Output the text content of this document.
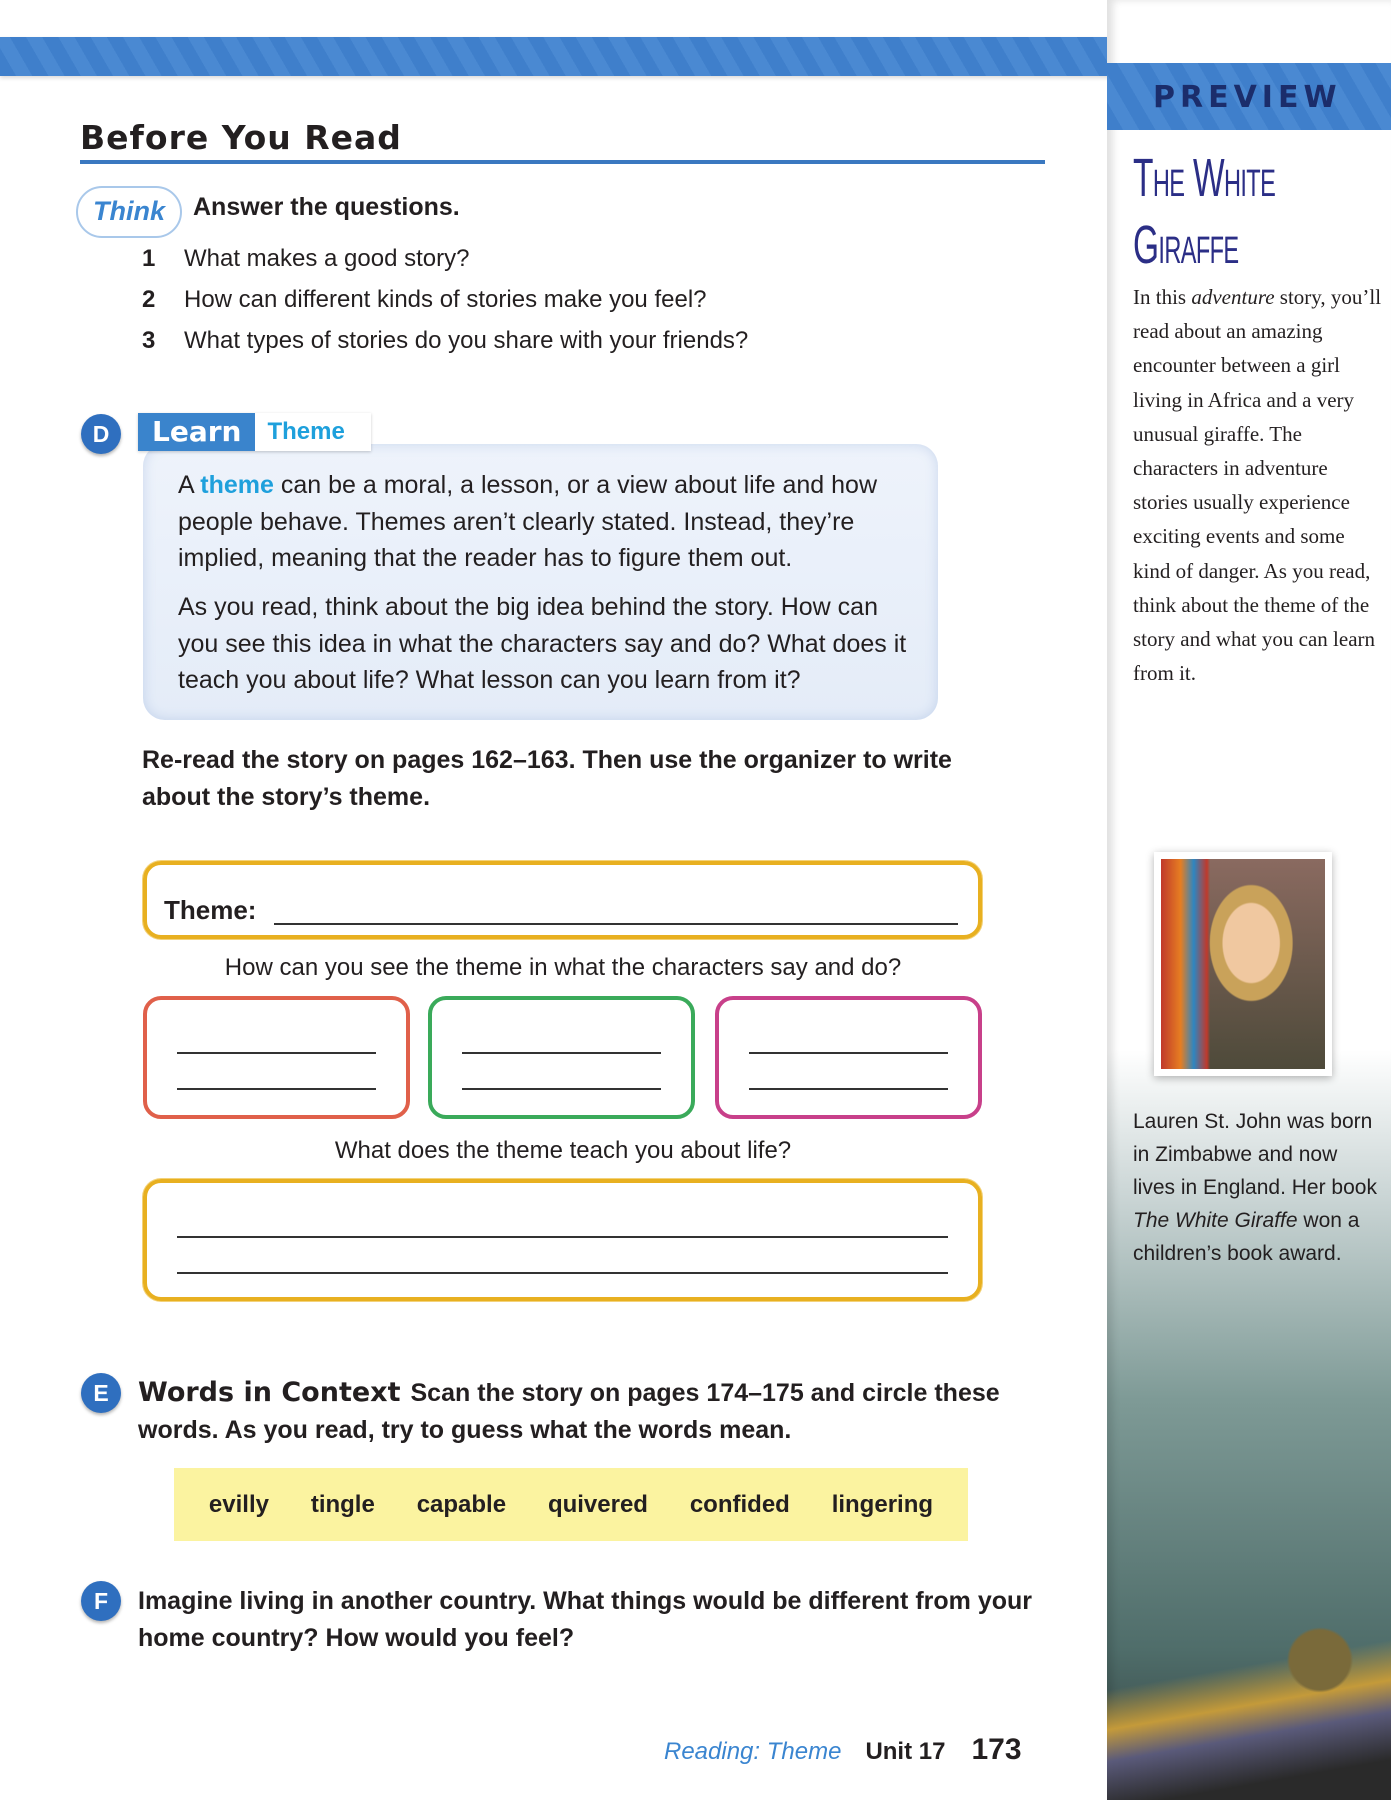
PREVIEW
The White
Giraffe
In this adventure story, you’ll read about an amazing encounter between a girl living in Africa and a very unusual giraffe. The characters in adventure stories usually experience exciting events and some kind of danger. As you read, think about the theme of the story and what you can learn from it.
Lauren St. John was born in Zimbabwe and now lives in England. Her book The White Giraffe won a children’s book award.
Before You Read
Think	Answer the questions.
1 What makes a good story?
2 How can different kinds of stories make you feel?
3 What types of stories do you share with your friends?
D
A theme can be a moral, a lesson, or a view about life and how people behave. Themes aren’t clearly stated. Instead, they’re implied, meaning that the reader has to figure them out.
As you read, think about the big idea behind the story. How can you see this idea in what the characters say and do? What does it teach you about life? What lesson can you learn from it?
Learn	Theme
Re-read the story on pages 162–163. Then use the organizer to write about the story’s theme.
Theme:
How can you see the theme in what the characters say and do?
What does the theme teach you about life?
E	Words in Context Scan the story on pages 174–175 and circle these words. As you read, try to guess what the words mean.
evilly tingle capable quivered confided lingering
F	Imagine living in another country. What things would be different from your home country? How would you feel?
Reading: Theme Unit 17 173
